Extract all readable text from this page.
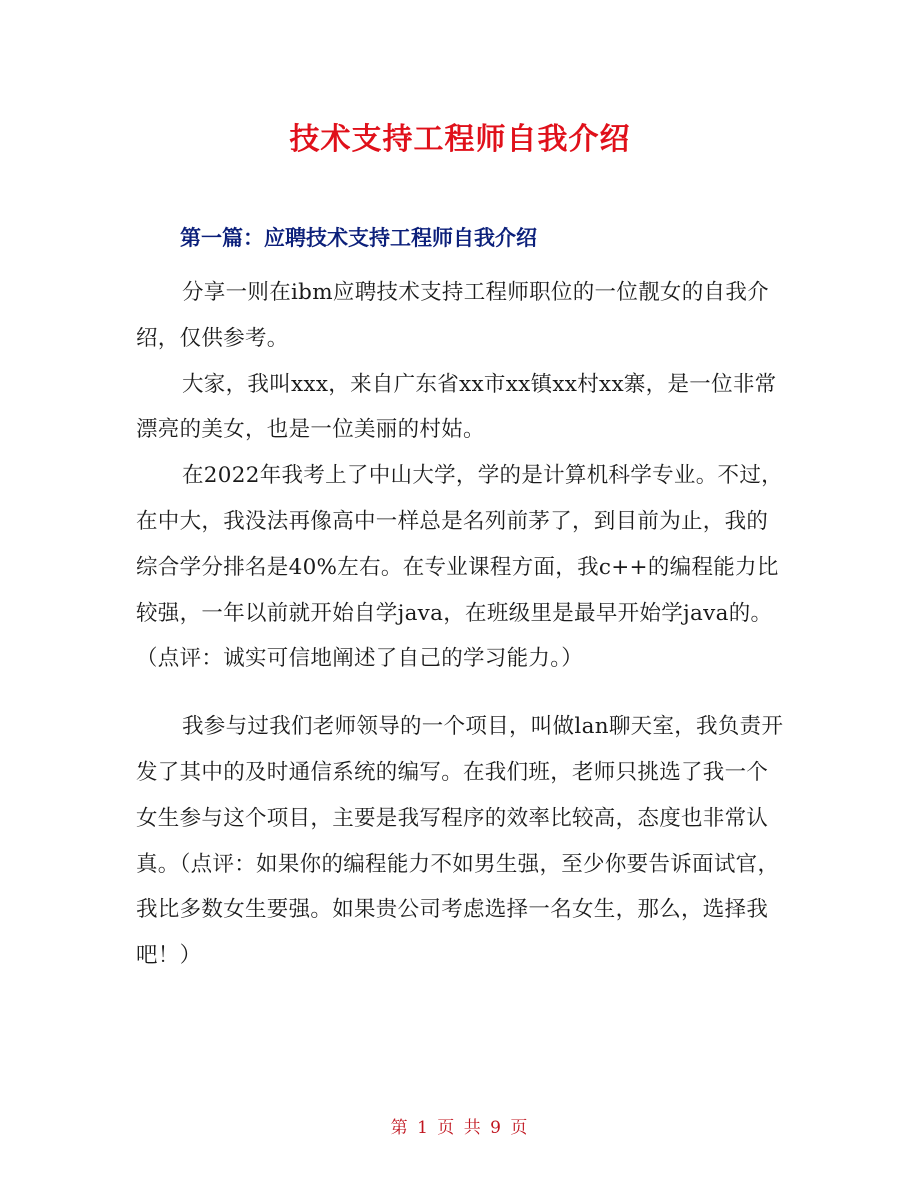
技术支持工程师自我介绍
第一篇：应聘技术支持工程师自我介绍

分享一则在ibm应聘技术支持工程师职位的一位靓女的自我介绍，仅供参考。

大家，我叫xxx，来自广东省xx市xx镇xx村xx寨，是一位非常漂亮的美女，也是一位美丽的村姑。

在2022年我考上了中山大学，学的是计算机科学专业。不过，在中大，我没法再像高中一样总是名列前茅了，到目前为止，我的综合学分排名是40%左右。在专业课程方面，我c++的编程能力比较强，一年以前就开始自学java，在班级里是最早开始学java的。（点评：诚实可信地阐述了自己的学习能力。）

我参与过我们老师领导的一个项目，叫做lan聊天室，我负责开发了其中的及时通信系统的编写。在我们班，老师只挑选了我一个女生参与这个项目，主要是我写程序的效率比较高，态度也非常认真。（点评：如果你的编程能力不如男生强，至少你要告诉面试官，我比多数女生要强。如果贵公司考虑选择一名女生，那么，选择我吧！）

第 1 页 共 9 页
